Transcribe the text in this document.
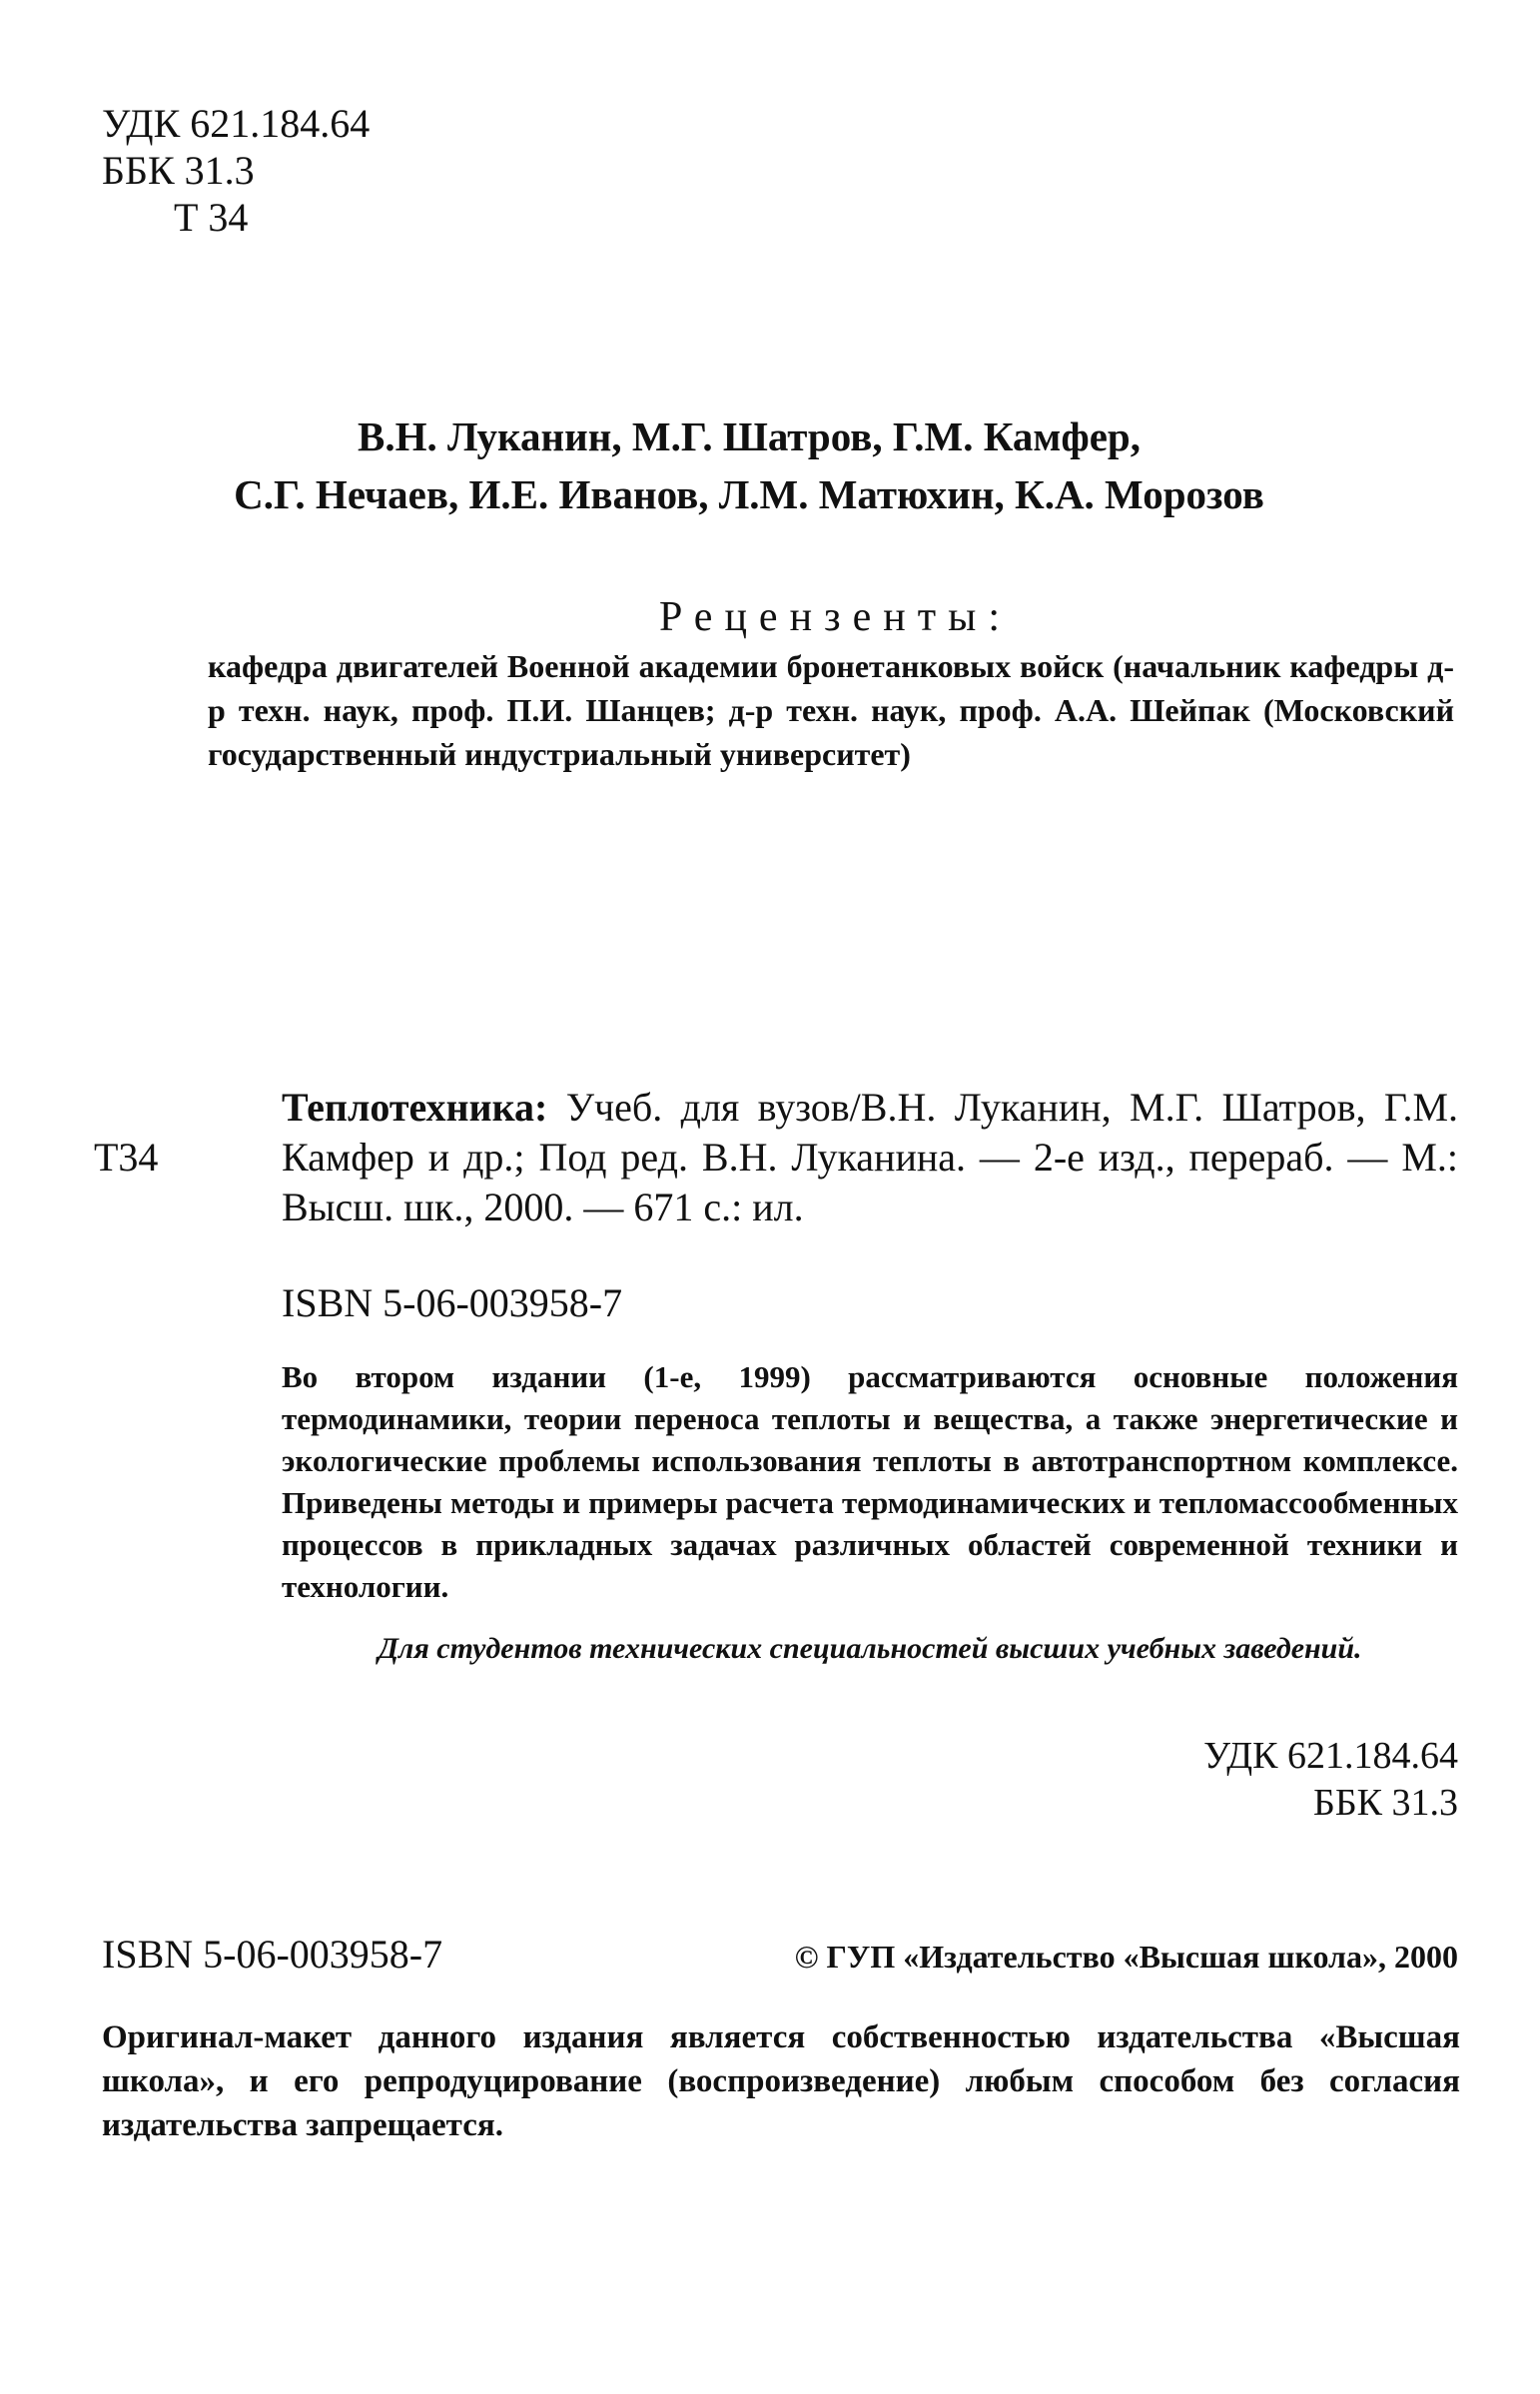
УДК 621.184.64
ББК 31.3
Т 34
В.Н. Луканин, М.Г. Шатров, Г.М. Камфер,
С.Г. Нечаев, И.Е. Иванов, Л.М. Матюхин, К.А. Морозов
Рецензенты:
кафедра двигателей Военной академии бронетанковых войск (начальник кафедры д-р техн. наук, проф. П.И. Шанцев; д-р техн. наук, проф. А.А. Шейпак (Московский государственный индустриальный университет)
Т34
Теплотехника: Учеб. для вузов/В.Н. Луканин, М.Г. Шатров, Г.М. Камфер и др.; Под ред. В.Н. Луканина. — 2-е изд., перераб. — М.: Высш. шк., 2000. — 671 с.: ил.
ISBN 5-06-003958-7
Во втором издании (1-е, 1999) рассматриваются основные положения термодинамики, теории переноса теплоты и вещества, а также энергетические и экологические проблемы использования теплоты в автотранспортном комплексе. Приведены методы и примеры расчета термодинамических и тепломассообменных процессов в прикладных задачах различных областей современной техники и технологии.
Для студентов технических специальностей высших учебных заведений.
УДК 621.184.64
ББК 31.3
ISBN 5-06-003958-7	© ГУП «Издательство «Высшая школа», 2000
Оригинал-макет данного издания является собственностью издательства «Высшая школа», и его репродуцирование (воспроизведение) любым способом без согласия издательства запрещается.
